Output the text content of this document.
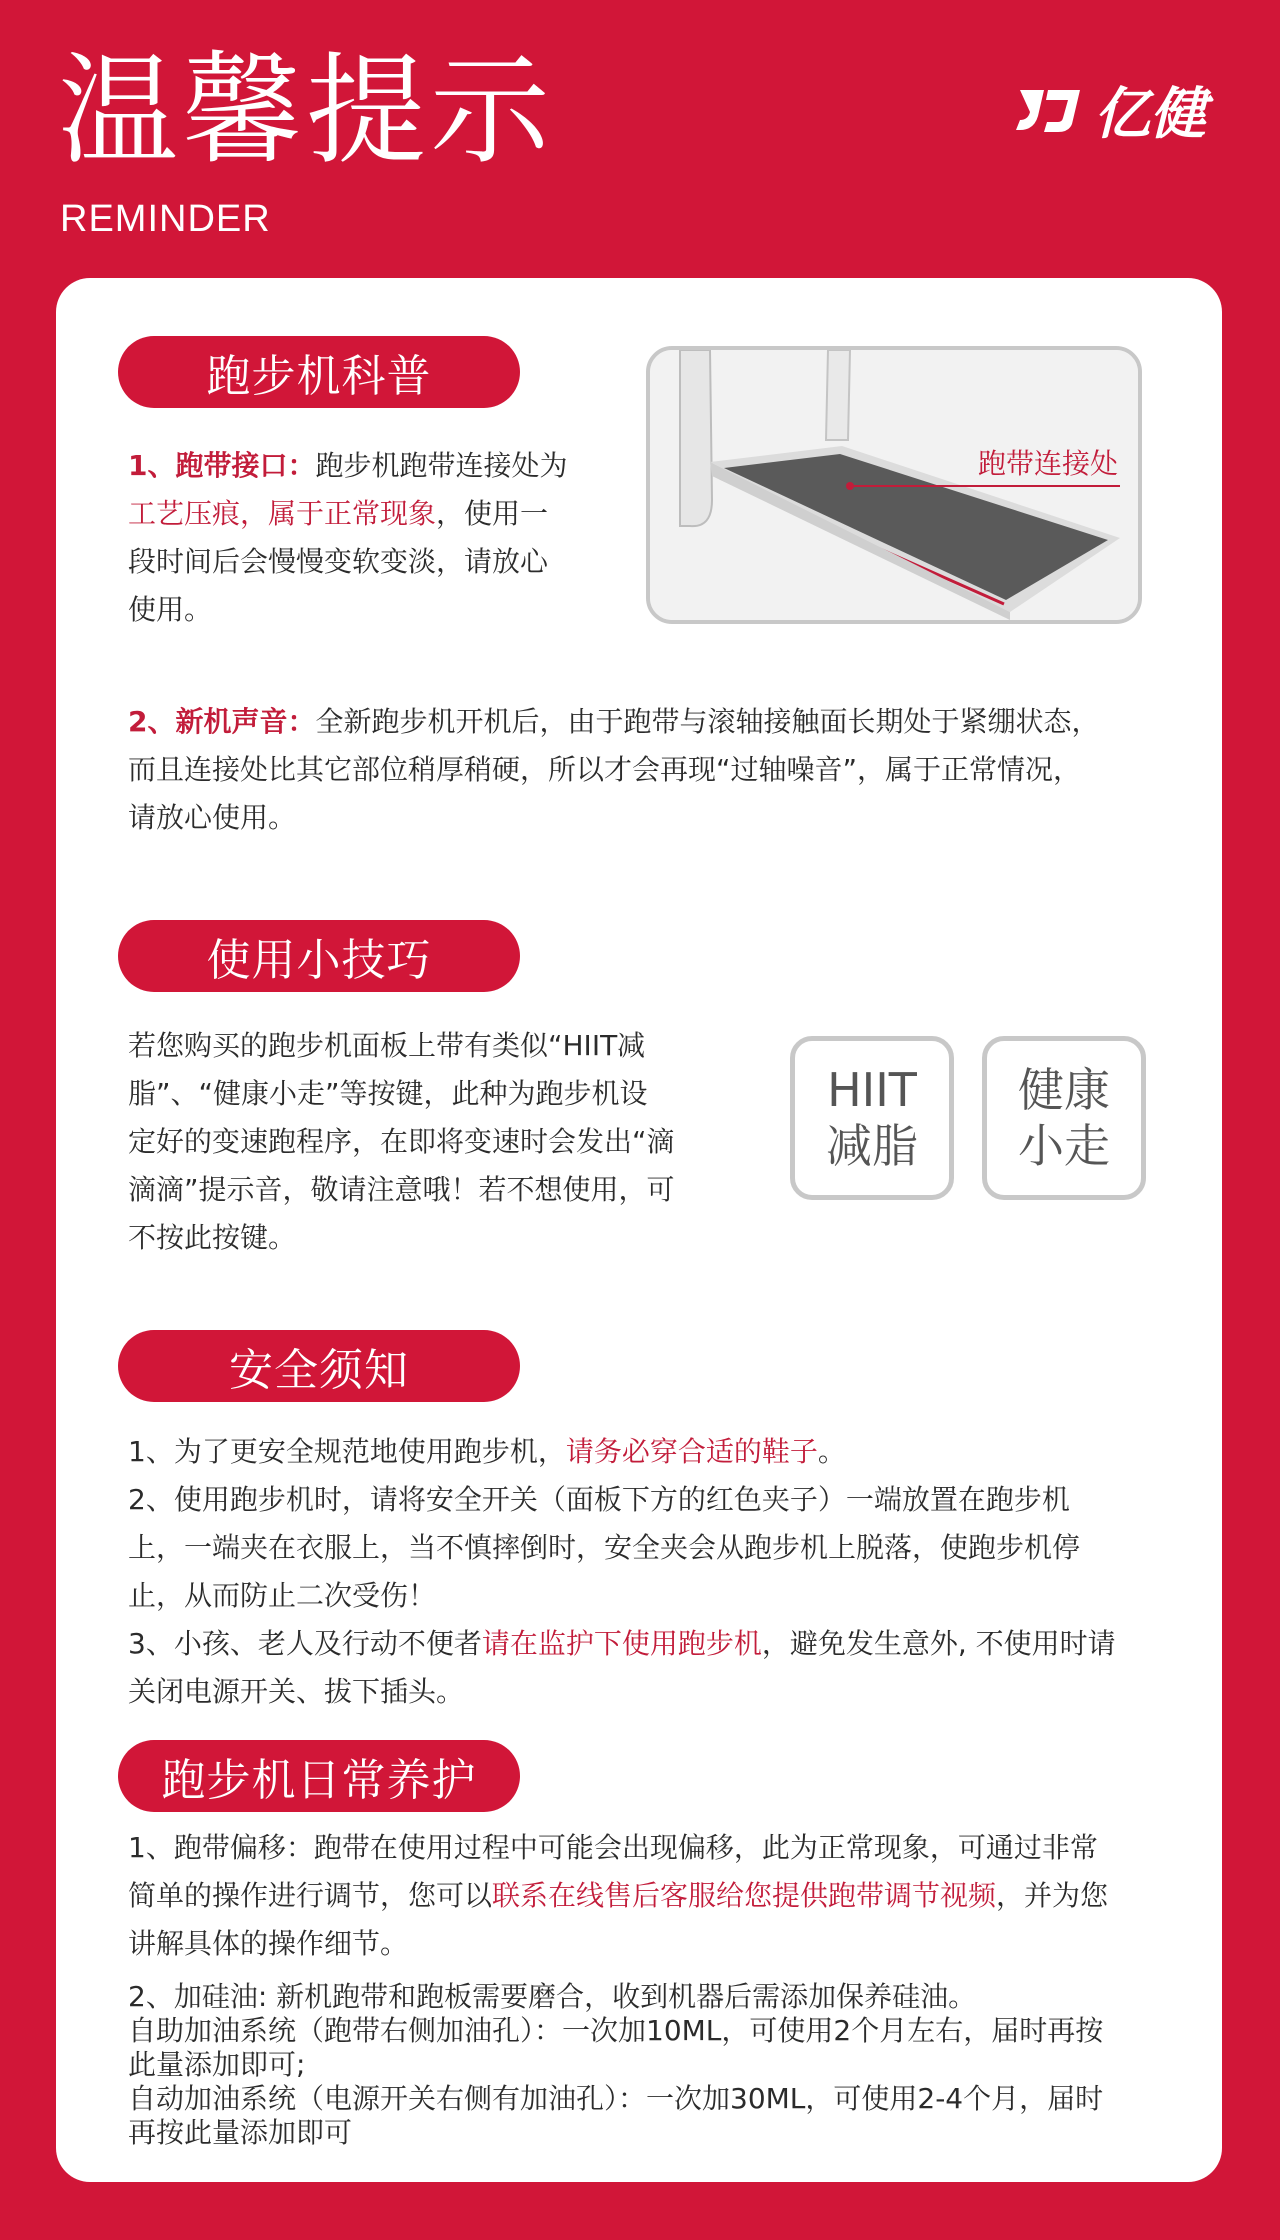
温馨提示
REMINDER
亿健
跑步机科普
1、跑带接口：跑步机跑带连接处为
工艺压痕，属于正常现象，使用一
段时间后会慢慢变软变淡，请放心
使用。
跑带连接处
2、新机声音：全新跑步机开机后，由于跑带与滚轴接触面长期处于紧绷状态，
而且连接处比其它部位稍厚稍硬，所以才会再现“过轴噪音”，属于正常情况，
请放心使用。
使用小技巧
若您购买的跑步机面板上带有类似“HIIT减
脂”、“健康小走”等按键，此种为跑步机设
定好的变速跑程序，在即将变速时会发出“滴
滴滴”提示音，敬请注意哦！若不想使用，可
不按此按键。
HIIT
减脂
健康
小走
安全须知
1、为了更安全规范地使用跑步机，请务必穿合适的鞋子。
2、使用跑步机时，请将安全开关（面板下方的红色夹子）一端放置在跑步机
上，一端夹在衣服上，当不慎摔倒时，安全夹会从跑步机上脱落，使跑步机停
止，从而防止二次受伤！
3、小孩、老人及行动不便者请在监护下使用跑步机，避免发生意外, 不使用时请
关闭电源开关、拔下插头。
跑步机日常养护
1、跑带偏移：跑带在使用过程中可能会出现偏移，此为正常现象，可通过非常
简单的操作进行调节，您可以联系在线售后客服给您提供跑带调节视频，并为您
讲解具体的操作细节。
2、加硅油: 新机跑带和跑板需要磨合，收到机器后需添加保养硅油。
自助加油系统（跑带右侧加油孔）：一次加10ML，可使用2个月左右，届时再按
此量添加即可;
自动加油系统（电源开关右侧有加油孔）：一次加30ML，可使用2-4个月，届时
再按此量添加即可
